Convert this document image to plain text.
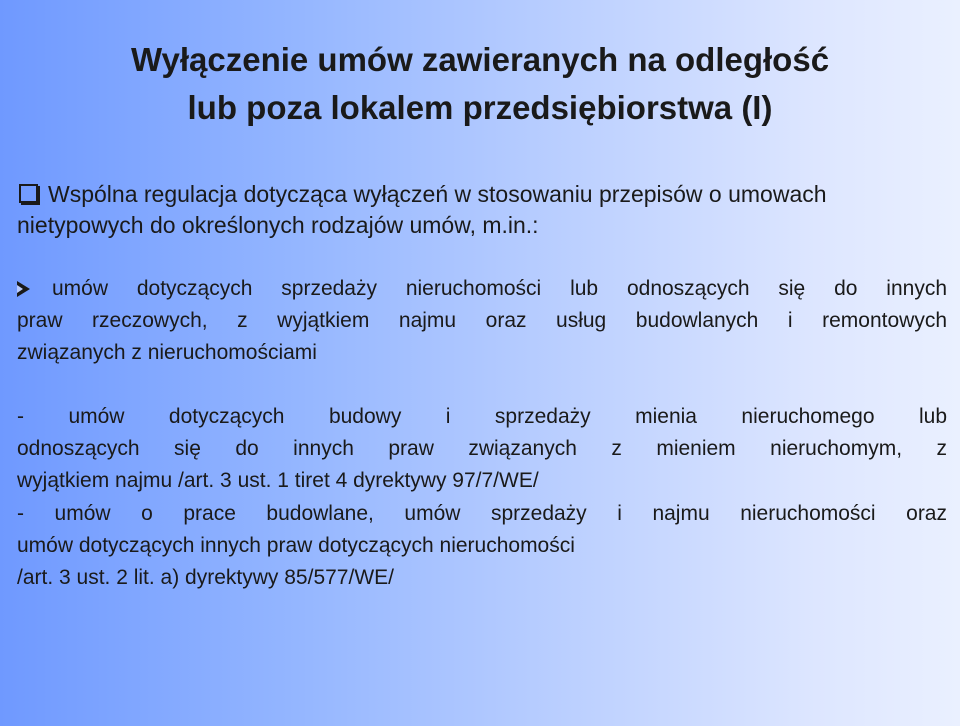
Wyłączenie umów zawieranych na odległość
lub poza lokalem przedsiębiorstwa (I)
Wspólna regulacja dotycząca wyłączeń w stosowaniu przepisów o umowach
nietypowych do określonych rodzajów umów, m.in.:
umów dotyczących sprzedaży nieruchomości lub odnoszących się do innych
praw rzeczowych, z wyjątkiem najmu oraz usług budowlanych i remontowych
związanych z nieruchomościami
- umów dotyczących budowy i sprzedaży mienia nieruchomego lub
odnoszących się do innych praw związanych z mieniem nieruchomym, z
wyjątkiem najmu /art. 3 ust. 1 tiret 4 dyrektywy 97/7/WE/
- umów o prace budowlane, umów sprzedaży i najmu nieruchomości oraz
umów dotyczących innych praw dotyczących nieruchomości
/art. 3 ust. 2 lit. a) dyrektywy 85/577/WE/
